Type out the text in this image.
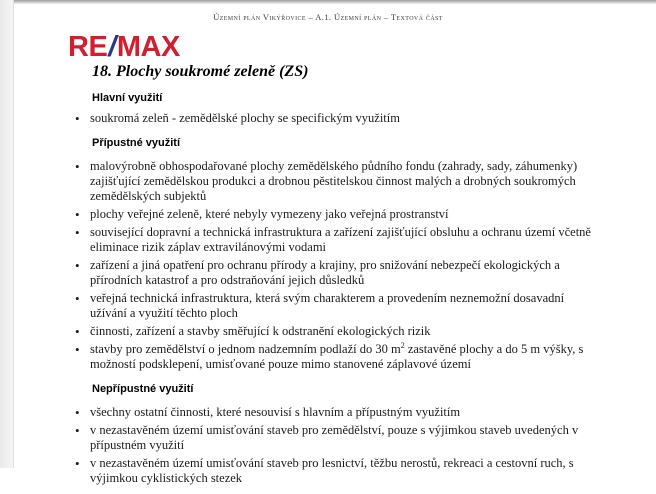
Územní plán Vikýřovice – A.1. Územní plán – Textová část
RE/MAX
18. Plochy soukromé zeleně (ZS)
Hlavní využití
• soukromá zeleň - zemědělské plochy se specifickým využitím
Přípustné využití
• malovýrobně obhospodařované plochy zemědělského půdního fondu (zahrady, sady, záhumenky) zajišťující zemědělskou produkci a drobnou pěstitelskou činnost malých a drobných soukromých zemědělských subjektů
• plochy veřejné zeleně, které nebyly vymezeny jako veřejná prostranství
• související dopravní a technická infrastruktura a zařízení zajišťující obsluhu a ochranu území včetně eliminace rizik záplav extravilánovými vodami
• zařízení a jiná opatření pro ochranu přírody a krajiny, pro snižování nebezpečí ekologických a přírodních katastrof a pro odstraňování jejich důsledků
• veřejná technická infrastruktura, která svým charakterem a provedením neznemožní dosavadní užívání a využití těchto ploch
• činnosti, zařízení a stavby směřující k odstranění ekologických rizik
• stavby pro zemědělství o jednom nadzemním podlaží do 30 $m^2$ zastavěné plochy a do 5 m výšky, s možností podsklepení, umisťované pouze mimo stanovené záplavové území
Nepřípustné využití
• všechny ostatní činnosti, které nesouvisí s hlavním a přípustným využitím
• v nezastavěném území umisťování staveb pro zemědělství, pouze s výjimkou staveb uvedených v přípustném využití
• v nezastavěném území umisťování staveb pro lesnictví, těžbu nerostů, rekreaci a cestovní ruch, s výjimkou cyklistických stezek
